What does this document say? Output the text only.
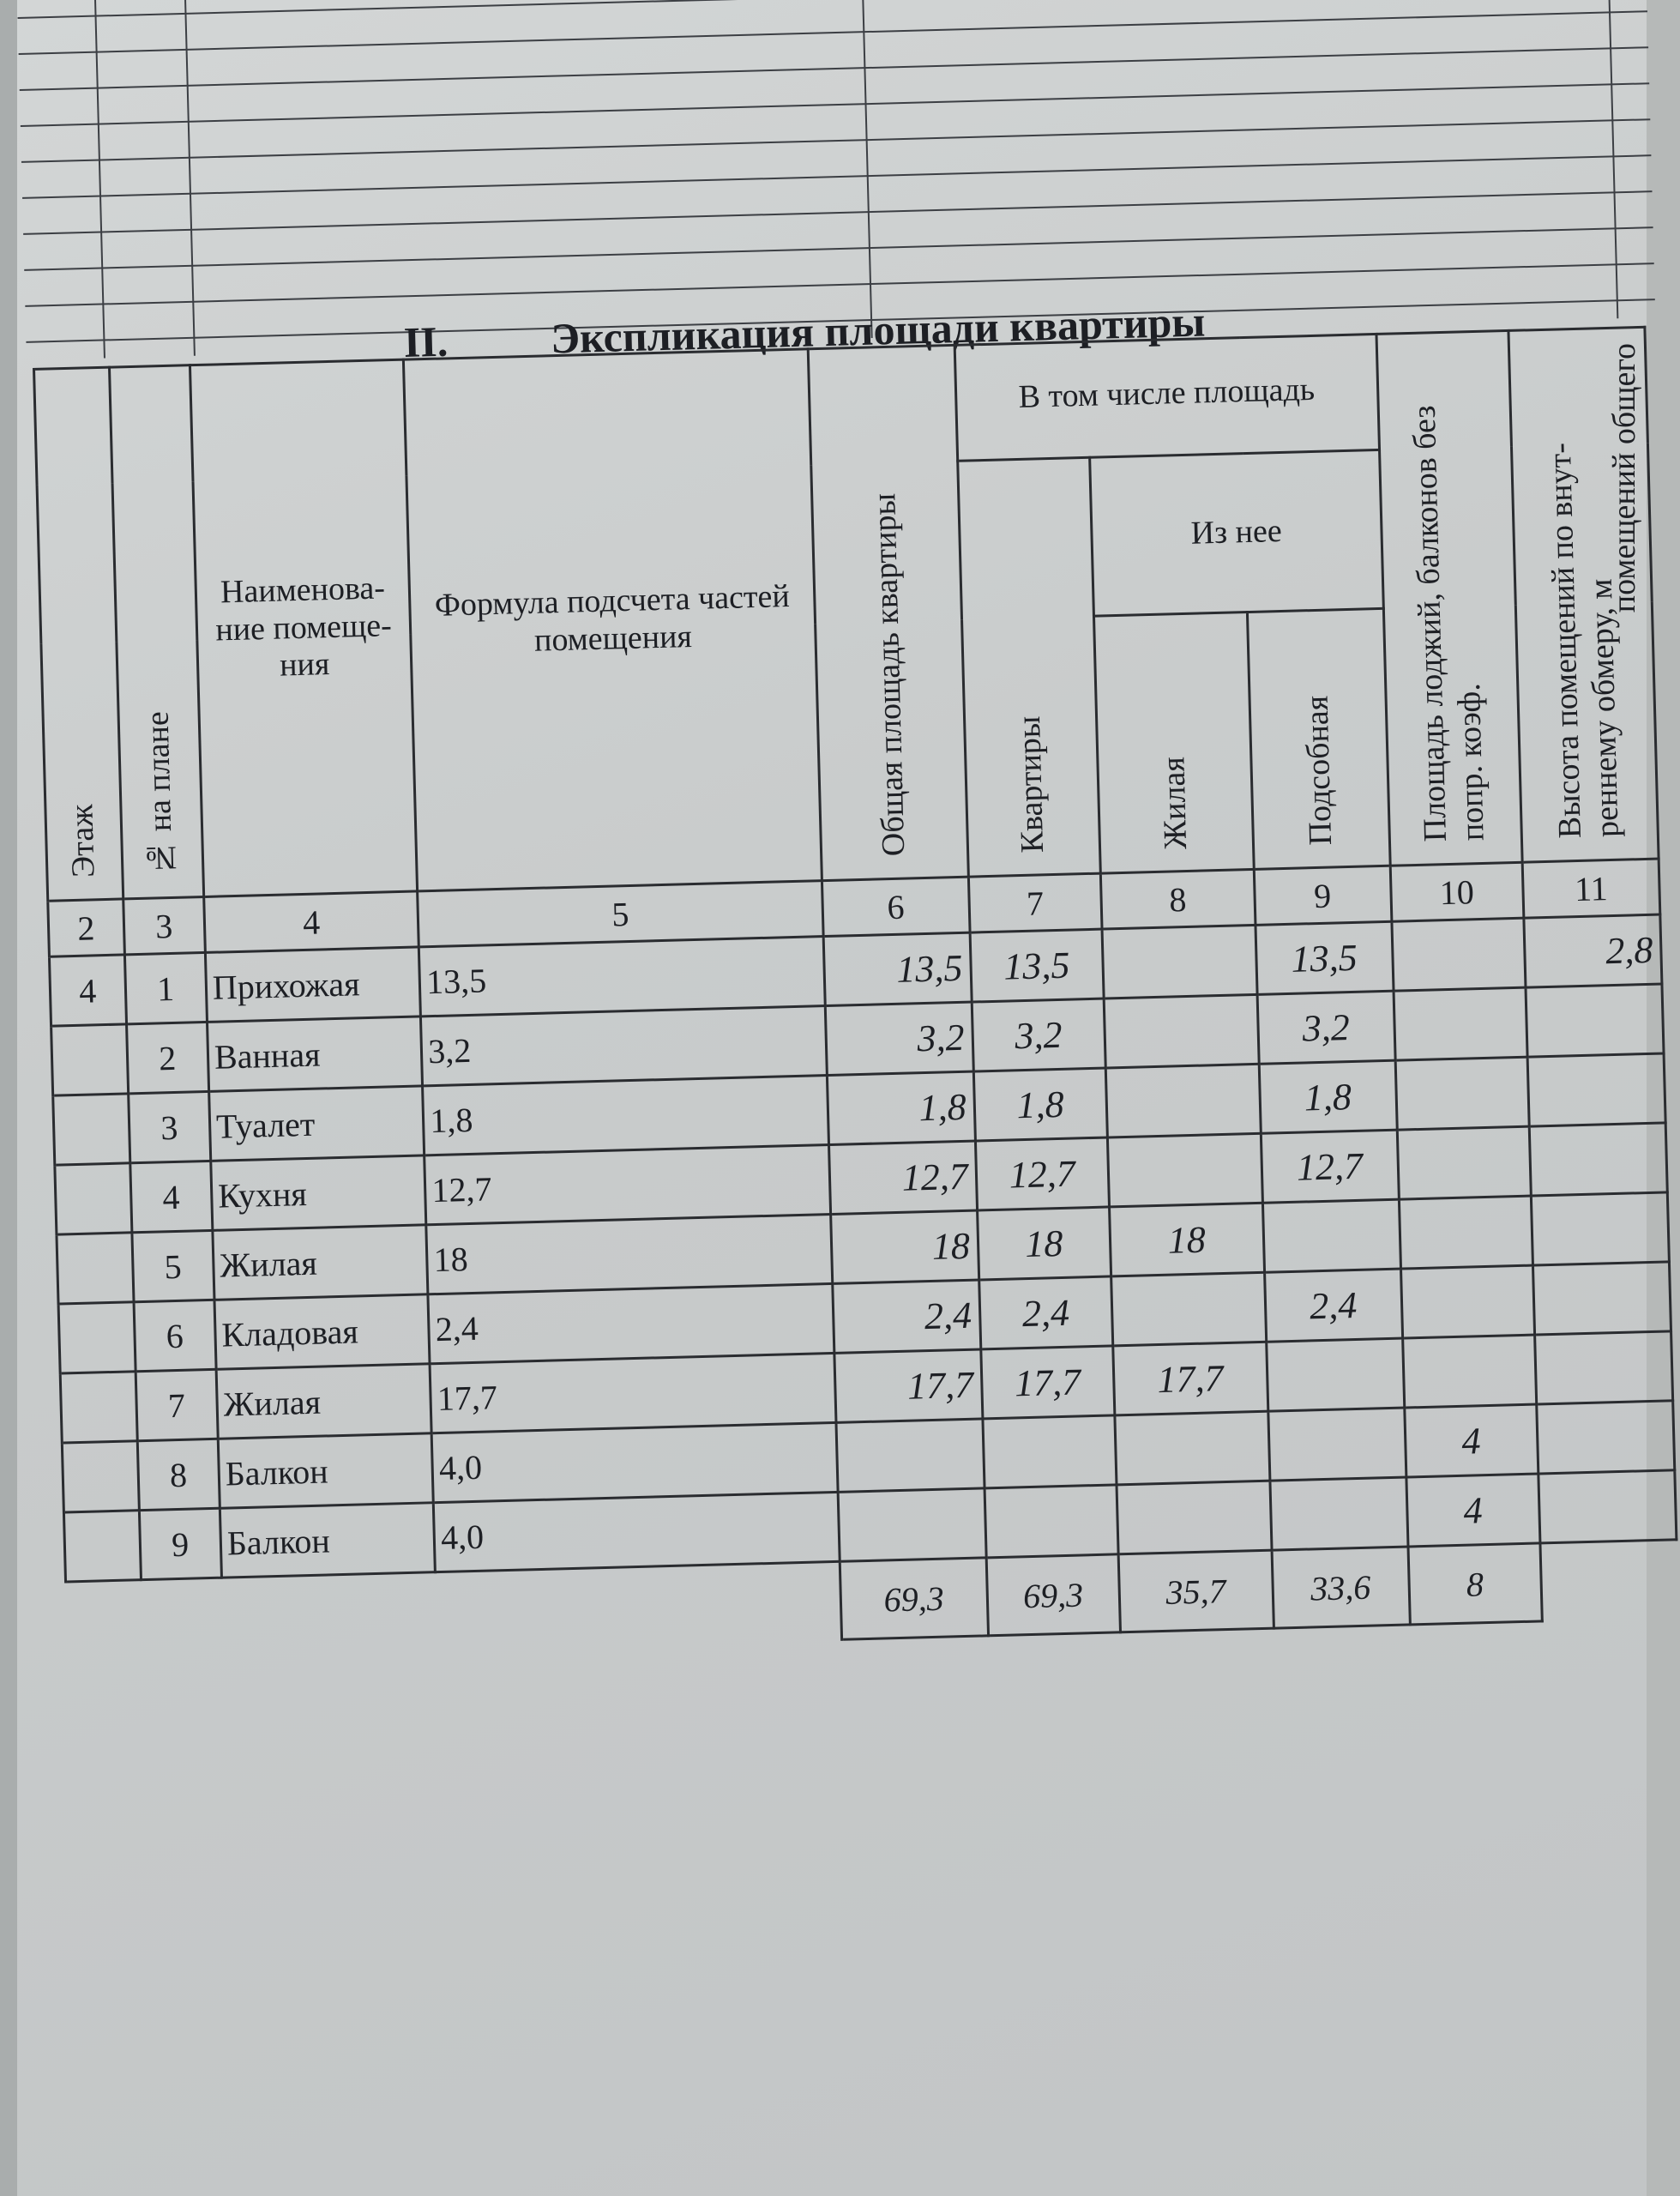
II. Экспликация площади квартиры
	Этаж	№ на плане	Наименова-ние помеще-ния	Формула подсчета частей помещения	Общая площадь квартиры	В том числе площадь			Площадь лоджий, балконов без попр. коэф.	Высота помещений по внут-реннему обмеру, м
						Квартиры	Из нее			
							Жилая	Подсобная		
	2	3	4	5	6	7	8	9	10	11
	4	1	Прихожая	13,5	13,5	13,5		13,5		2,8
		2	Ванная	3,2	3,2	3,2		3,2		
		3	Туалет	1,8	1,8	1,8		1,8		
		4	Кухня	12,7	12,7	12,7		12,7		
		5	Жилая	18	18	18	18			
		6	Кладовая	2,4	2,4	2,4		2,4		
		7	Жилая	17,7	17,7	17,7	17,7			
		8	Балкон	4,0					4	
		9	Балкон	4,0					4	
					69,3	69,3	35,7	33,6	8	
помещений общего
